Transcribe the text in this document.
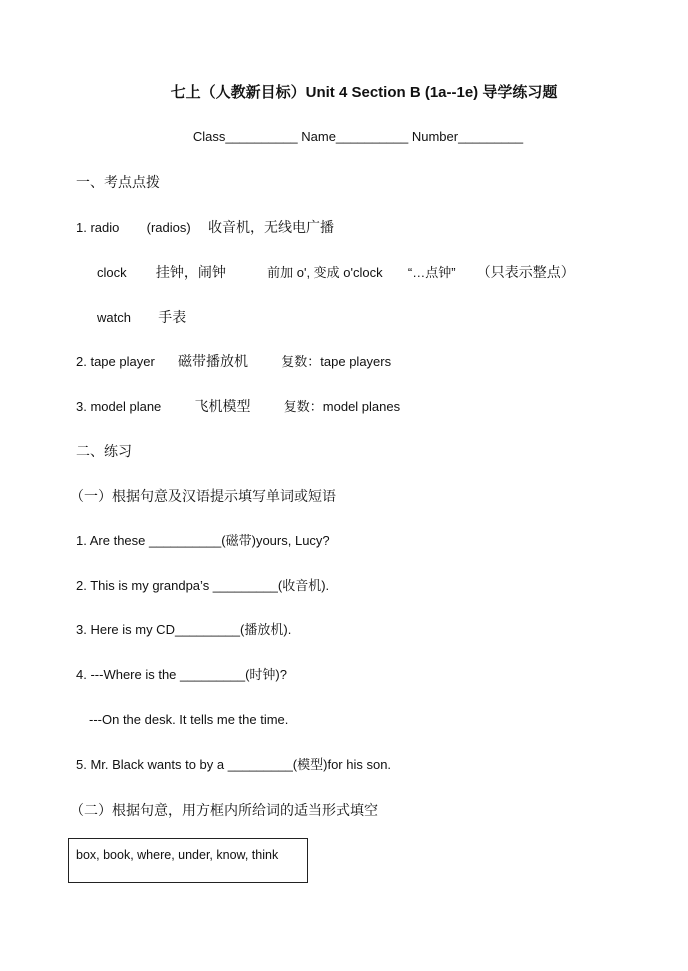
七上（人教新目标）Unit 4 Section B (1a--1e) 导学练习题
Class__________ Name__________ Number_________
一、考点点拨
1. radio (radios) 收音机，无线电广播
clock 挂钟，闹钟	前加 o', 变成 o'clock “…点钟” （只表示整点）
watch 手表
2. tape player 磁带播放机	复数：tape players
3. model plane 飞机模型	复数：model planes
二、练习
（一）根据句意及汉语提示填写单词或短语
1. Are these __________(磁带)yours, Lucy?
2. This is my grandpa’s _________(收音机).
3. Here is my CD_________(播放机).
4. ---Where is the _________(时钟)?
---On the desk. It tells me the time.
5. Mr. Black wants to by a _________(模型)for his son.
（二）根据句意，用方框内所给词的适当形式填空
box, book, where, under, know, think
